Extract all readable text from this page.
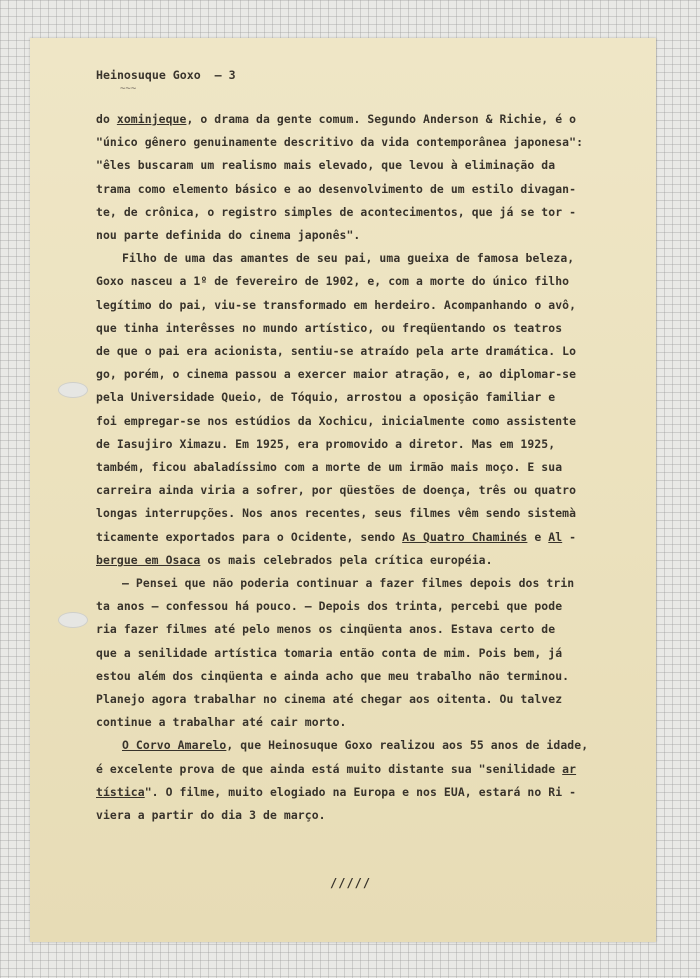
Heinosuque Goxo – 3
~~~
do xominjeque, o drama da gente comum. Segundo Anderson & Richie, é o
"único gênero genuinamente descritivo da vida contemporânea japonesa":
"êles buscaram um realismo mais elevado, que levou à eliminação da
trama como elemento básico e ao desenvolvimento de um estilo divagan-
te, de crônica, o registro simples de acontecimentos, que já se tor -
nou parte definida do cinema japonês".
Filho de uma das amantes de seu pai, uma gueixa de famosa beleza,
Goxo nasceu a 1º de fevereiro de 1902, e, com a morte do único filho
legítimo do pai, viu-se transformado em herdeiro. Acompanhando o avô,
que tinha interêsses no mundo artístico, ou freqüentando os teatros
de que o pai era acionista, sentiu-se atraído pela arte dramática. Lo
go, porém, o cinema passou a exercer maior atração, e, ao diplomar-se
pela Universidade Queio, de Tóquio, arrostou a oposição familiar e
foi empregar-se nos estúdios da Xochicu, inicialmente como assistente
de Iasujiro Ximazu. Em 1925, era promovido a diretor. Mas em 1925,
também, ficou abaladíssimo com a morte de um irmão mais moço. E sua
carreira ainda viria a sofrer, por qüestões de doença, três ou quatro
longas interrupções. Nos anos recentes, seus filmes vêm sendo sistemà
ticamente exportados para o Ocidente, sendo As Quatro Chaminés e Al -
bergue em Osaca os mais celebrados pela crítica européia.
— Pensei que não poderia continuar a fazer filmes depois dos trin
ta anos — confessou há pouco. — Depois dos trinta, percebi que pode
ria fazer filmes até pelo menos os cinqüenta anos. Estava certo de
que a senilidade artística tomaria então conta de mim. Pois bem, já
estou além dos cinqüenta e ainda acho que meu trabalho não terminou.
Planejo agora trabalhar no cinema até chegar aos oitenta. Ou talvez
continue a trabalhar até cair morto.
O Corvo Amarelo, que Heinosuque Goxo realizou aos 55 anos de idade,
é excelente prova de que ainda está muito distante sua "senilidade ar
tística". O filme, muito elogiado na Europa e nos EUA, estará no Ri -
viera a partir do dia 3 de março.
/////
